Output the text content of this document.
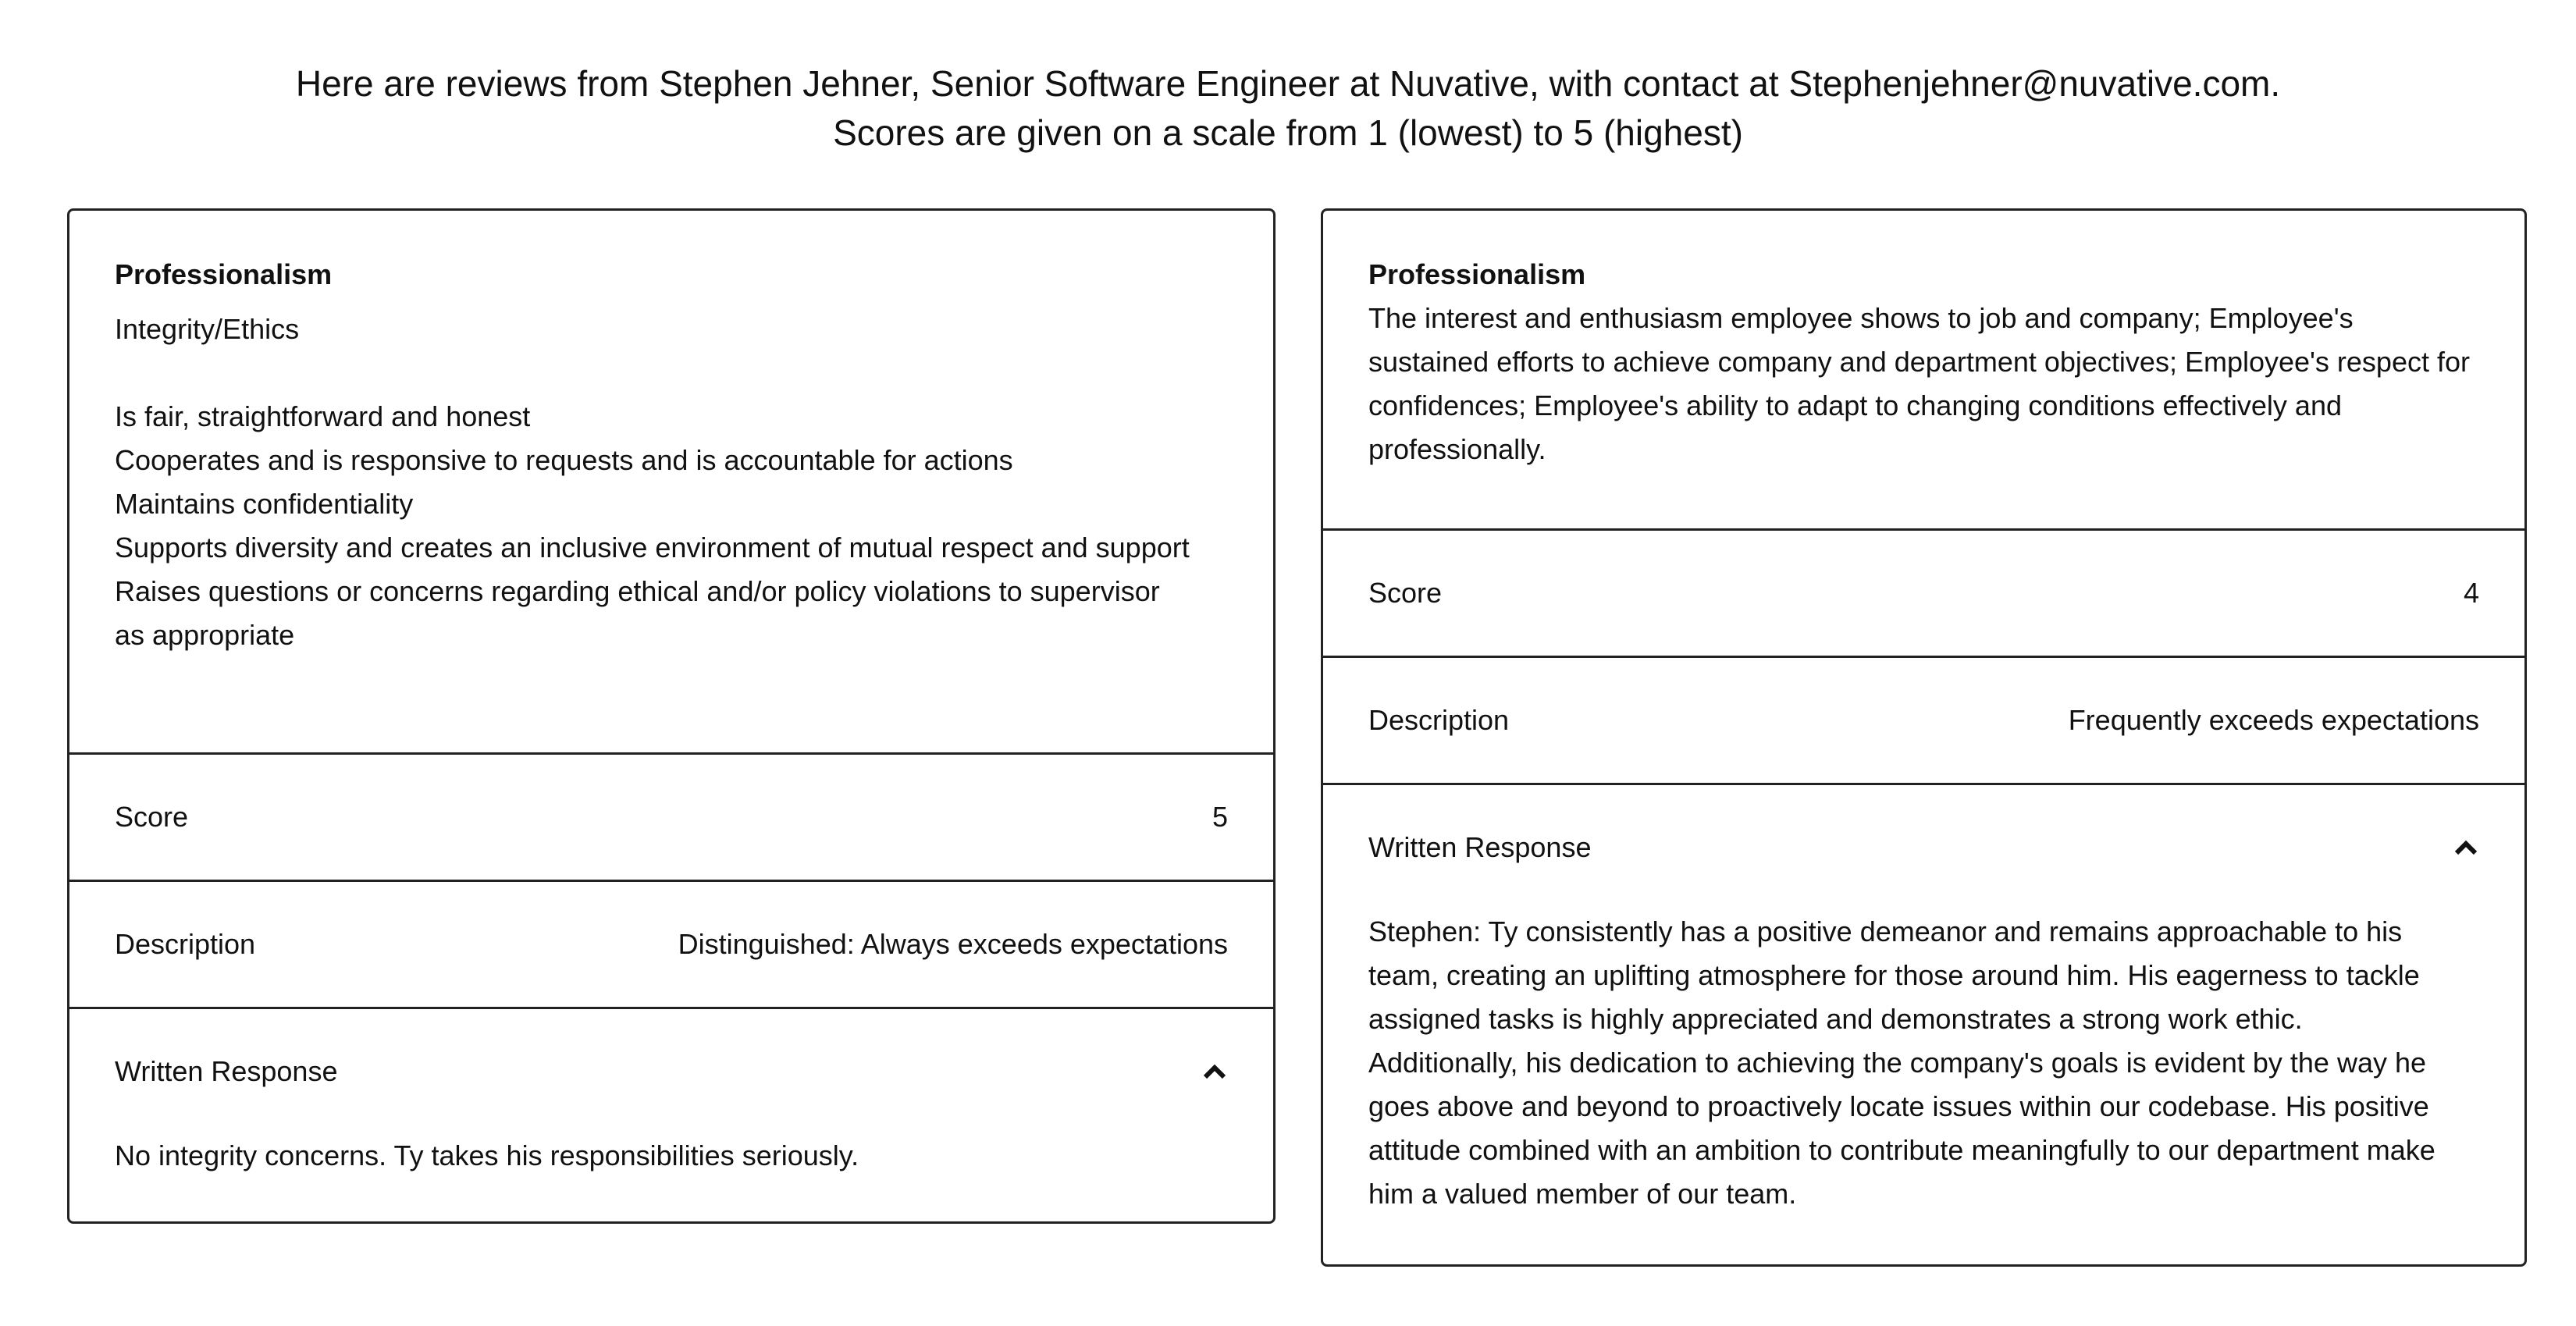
Here are reviews from Stephen Jehner, Senior Software Engineer at Nuvative, with contact at Stephenjehner@nuvative.com.
Scores are given on a scale from 1 (lowest) to 5 (highest)
Professionalism
Integrity/Ethics
Is fair, straightforward and honest
Cooperates and is responsive to requests and is accountable for actions
Maintains confidentiality
Supports diversity and creates an inclusive environment of mutual respect and support
Raises questions or concerns regarding ethical and/or policy violations to supervisor as appropriate
Score	5
Description	Distinguished: Always exceeds expectations
Written Response
No integrity concerns. Ty takes his responsibilities seriously.
Professionalism
The interest and enthusiasm employee shows to job and company; Employee's sustained efforts to achieve company and department objectives; Employee's respect for confidences; Employee's ability to adapt to changing conditions effectively and professionally.
Score	4
Description	Frequently exceeds expectations
Written Response
Stephen: Ty consistently has a positive demeanor and remains approachable to his team, creating an uplifting atmosphere for those around him. His eagerness to tackle assigned tasks is highly appreciated and demonstrates a strong work ethic. Additionally, his dedication to achieving the company's goals is evident by the way he goes above and beyond to proactively locate issues within our codebase. His positive attitude combined with an ambition to contribute meaningfully to our department make him a valued member of our team.
